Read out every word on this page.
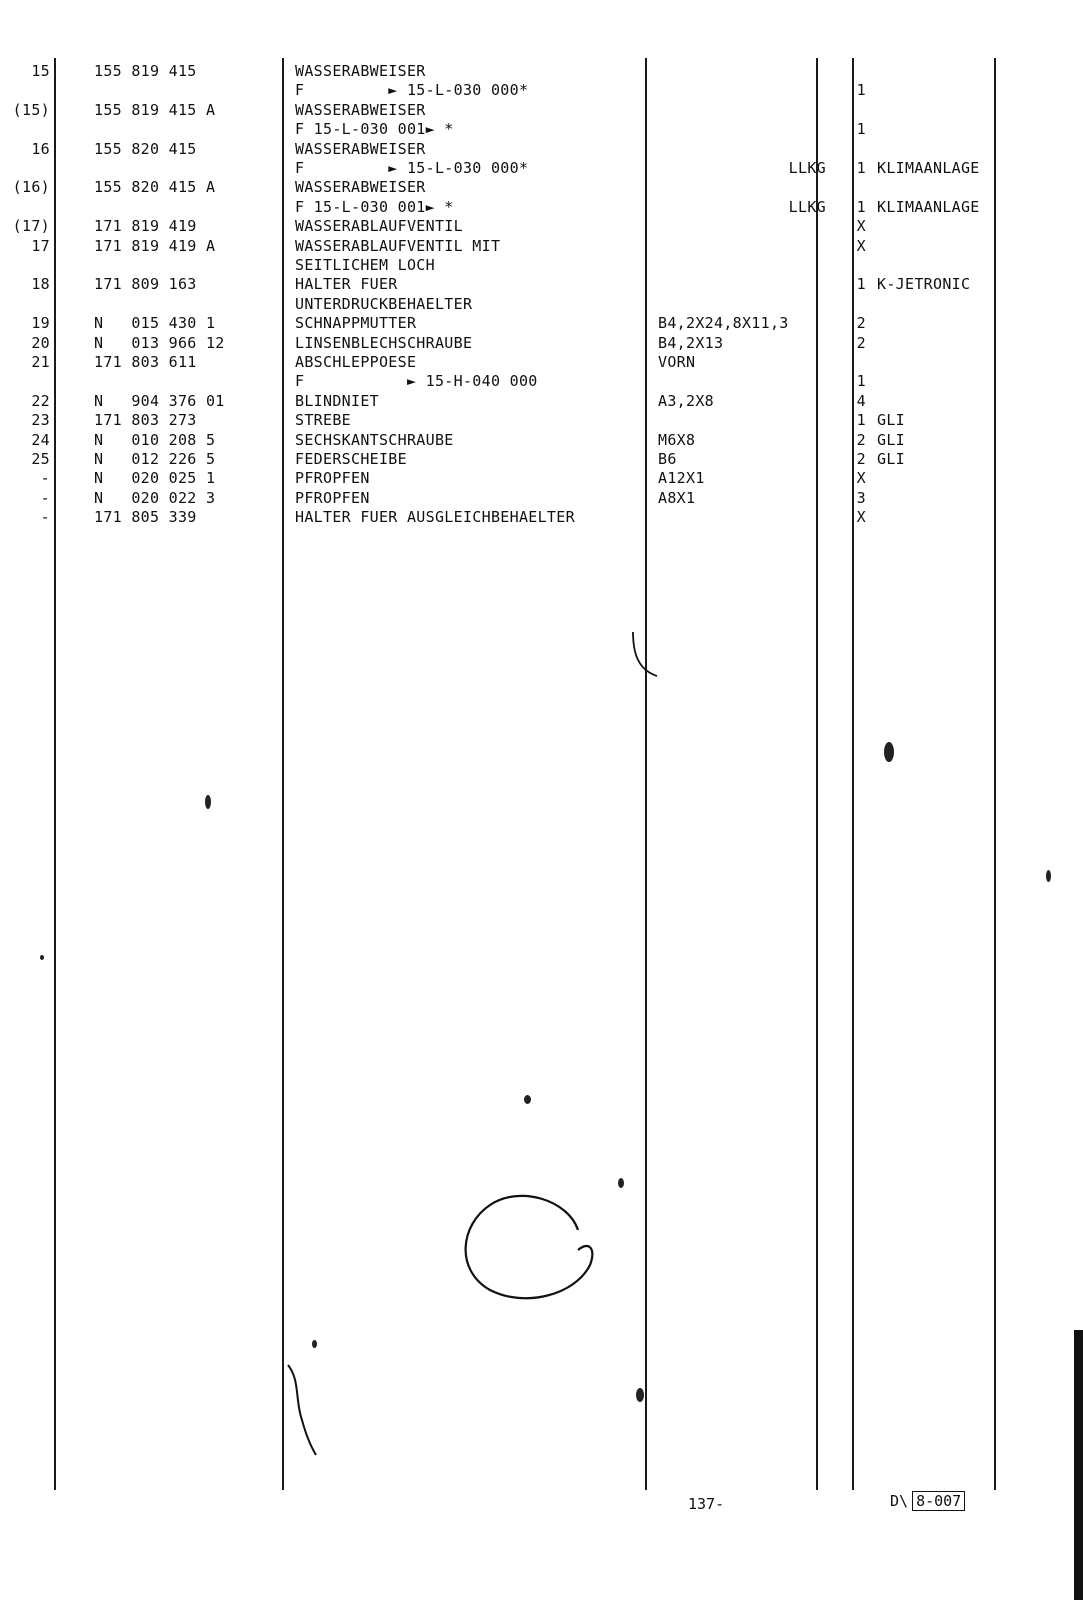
15	155 819 415	WASSERABWEISER
F         ► 15-L-030 000*	1
(15)	155 819 415 A	WASSERABWEISER
F 15-L-030 001► *	1
16	155 820 415	WASSERABWEISER
F         ► 15-L-030 000*	LLKG	1 KLIMAANLAGE
(16)	155 820 415 A	WASSERABWEISER
F 15-L-030 001► *	LLKG	1 KLIMAANLAGE
(17)	171 819 419	WASSERABLAUFVENTIL	X
17	171 819 419 A	WASSERABLAUFVENTIL MIT	X
SEITLICHEM LOCH
18	171 809 163	HALTER FUER	1 K-JETRONIC
UNTERDRUCKBEHAELTER
19	N   015 430 1	SCHNAPPMUTTER	B4,2X24,8X11,3	2
20	N   013 966 12	LINSENBLECHSCHRAUBE	B4,2X13	2
21	171 803 611	ABSCHLEPPOESE	VORN
F           ► 15-H-040 000	1
22	N   904 376 01	BLINDNIET	A3,2X8	4
23	171 803 273	STREBE	1 GLI
24	N   010 208 5	SECHSKANTSCHRAUBE	M6X8	2 GLI
25	N   012 226 5	FEDERSCHEIBE	B6	2 GLI
-	N   020 025 1	PFROPFEN	A12X1	X
-	N   020 022 3	PFROPFEN	A8X1	3
-	171 805 339	HALTER FUER AUSGLEICHBEHAELTER	X
137-	D\ 8-007
